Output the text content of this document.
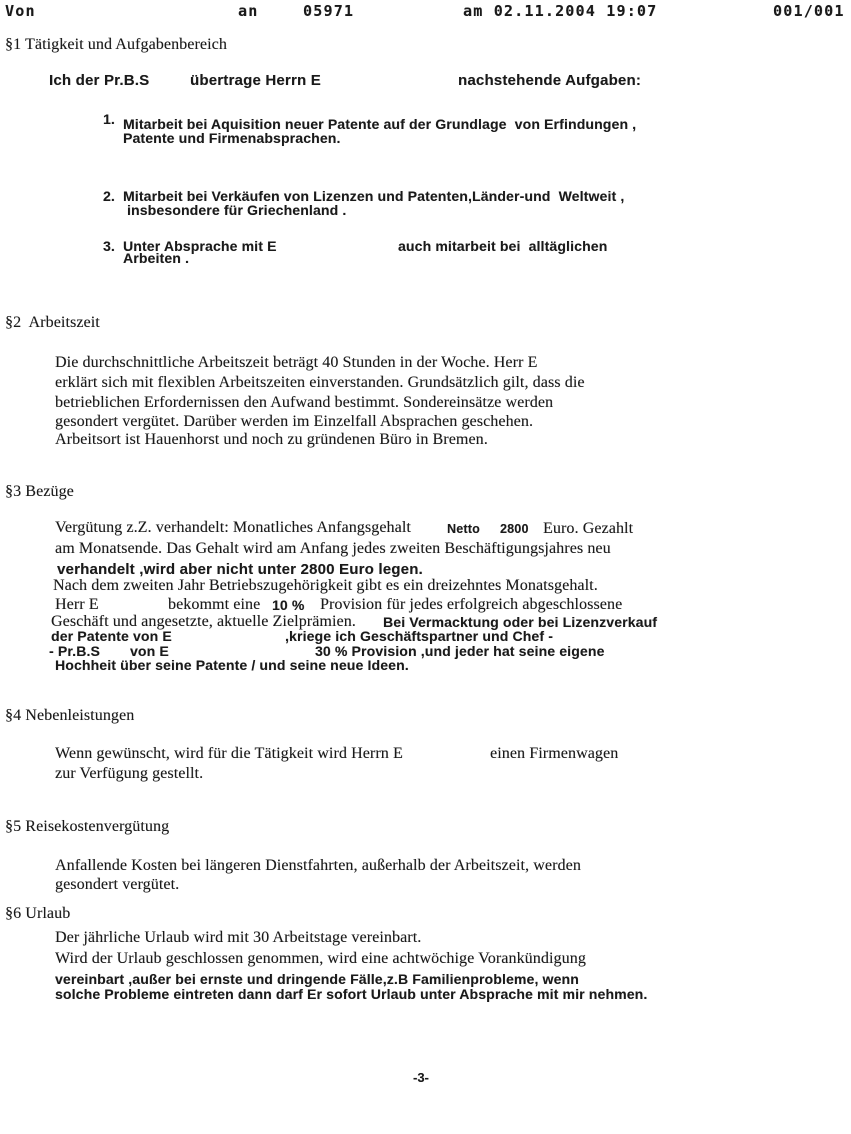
Von	an	05971	am 02.11.2004 19:07	001/001
§1 Tätigkeit und Aufgabenbereich
Ich der Pr.B.S	übertrage Herrn E	nachstehende Aufgaben:
1. Mitarbeit bei Aquisition neuer Patente auf der Grundlage  von Erfindungen ,
Patente und Firmenabsprachen.
2. Mitarbeit bei Verkäufen von Lizenzen und Patenten,Länder-und  Weltweit ,
insbesondere für Griechenland .
3. Unter Absprache mit E	auch mitarbeit bei  alltäglichen
Arbeiten .
§2  Arbeitszeit
Die durchschnittliche Arbeitszeit beträgt 40 Stunden in der Woche. Herr E
erklärt sich mit flexiblen Arbeitszeiten einverstanden. Grundsätzlich gilt, dass die
betrieblichen Erfordernissen den Aufwand bestimmt. Sondereinsätze werden
gesondert vergütet. Darüber werden im Einzelfall Absprachen geschehen.
Arbeitsort ist Hauenhorst und noch zu gründenen Büro in Bremen.
§3 Bezüge
Vergütung z.Z. verhandelt: Monatliches Anfangsgehalt	Netto 2800 Euro. Gezahlt
am Monatsende. Das Gehalt wird am Anfang jedes zweiten Beschäftigungsjahres neu
verhandelt ,wird aber nicht unter 2800 Euro legen.
Nach dem zweiten Jahr Betriebszugehörigkeit gibt es ein dreizehntes Monatsgehalt.
Herr E	bekommt eine 10 % Provision für jedes erfolgreich abgeschlossene
Geschäft und angesetzte, aktuelle Zielprämien. Bei Vermacktung oder bei Lizenzverkauf
der Patente von E	,kriege ich Geschäftspartner und Chef -
- Pr.B.S von E	30 % Provision ,und jeder hat seine eigene
Hochheit über seine Patente / und seine neue Ideen.
§4 Nebenleistungen
Wenn gewünscht, wird für die Tätigkeit wird Herrn E	einen Firmenwagen
zur Verfügung gestellt.
§5 Reisekostenvergütung
Anfallende Kosten bei längeren Dienstfahrten, außerhalb der Arbeitszeit, werden
gesondert vergütet.
§6 Urlaub
Der jährliche Urlaub wird mit 30 Arbeitstage vereinbart.
Wird der Urlaub geschlossen genommen, wird eine achtwöchige Vorankündigung
vereinbart ,außer bei ernste und dringende Fälle,z.B Familienprobleme, wenn
solche Probleme eintreten dann darf Er sofort Urlaub unter Absprache mit mir nehmen.
-3-
